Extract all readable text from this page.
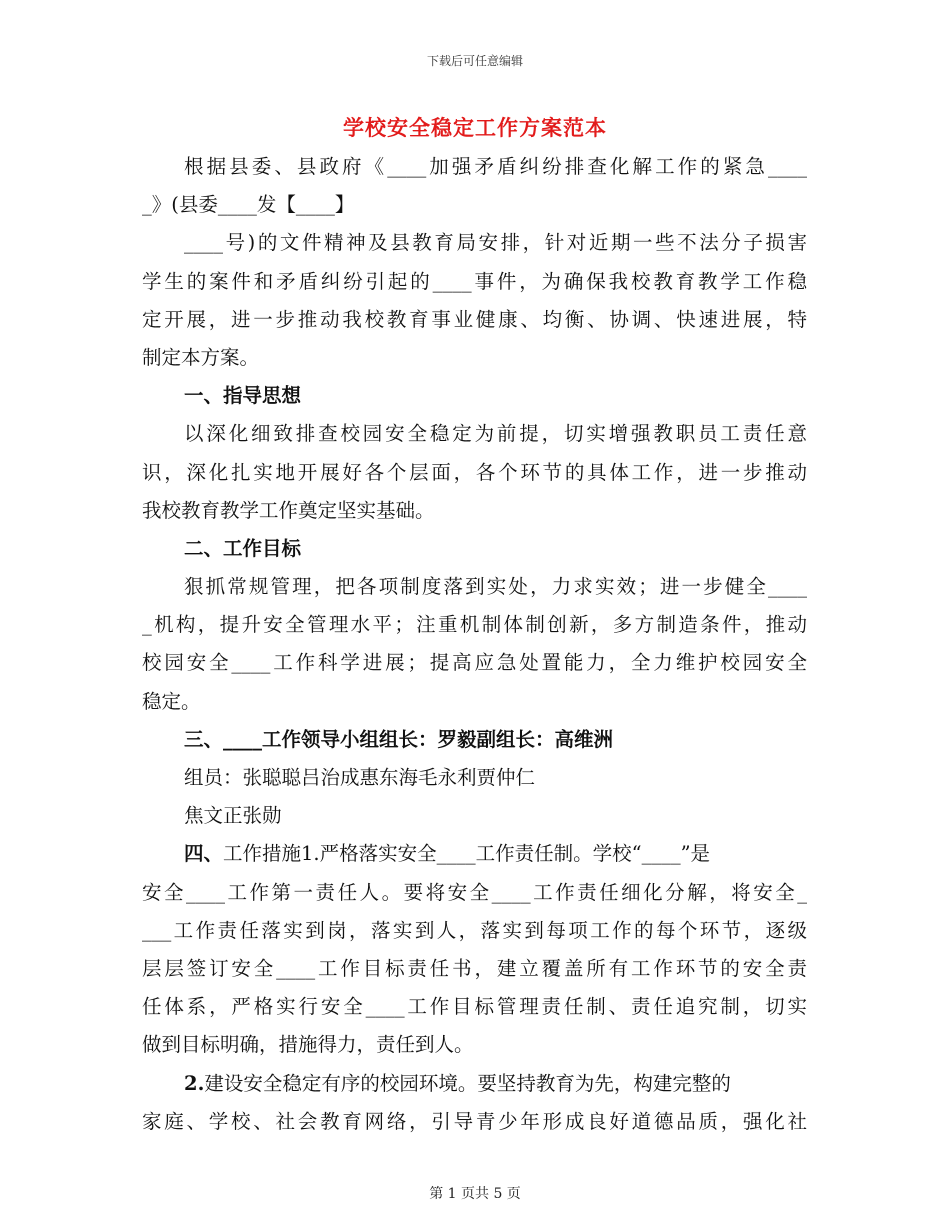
下载后可任意编辑
学校安全稳定工作方案范本
根据县委、县政府《____加强矛盾纠纷排查化解工作的紧急____
_》(县委____发【____】
____号)的文件精神及县教育局安排，针对近期一些不法分子损害
学生的案件和矛盾纠纷引起的____事件，为确保我校教育教学工作稳
定开展，进一步推动我校教育事业健康、均衡、协调、快速进展，特
制定本方案。
一、指导思想
以深化细致排查校园安全稳定为前提，切实增强教职员工责任意
识，深化扎实地开展好各个层面，各个环节的具体工作，进一步推动
我校教育教学工作奠定坚实基础。
二、工作目标
狠抓常规管理，把各项制度落到实处，力求实效；进一步健全____
_机构，提升安全管理水平；注重机制体制创新，多方制造条件，推动
校园安全____工作科学进展；提高应急处置能力，全力维护校园安全
稳定。
三、____工作领导小组组长：罗毅副组长：高维洲
组员：张聪聪吕治成惠东海毛永利贾仲仁
焦文正张勋
四、工作措施1.严格落实安全____工作责任制。学校“____”是
安全____工作第一责任人。要将安全____工作责任细化分解，将安全_
___工作责任落实到岗，落实到人，落实到每项工作的每个环节，逐级
层层签订安全____工作目标责任书，建立覆盖所有工作环节的安全责
任体系，严格实行安全____工作目标管理责任制、责任追究制，切实
做到目标明确，措施得力，责任到人。
2.建设安全稳定有序的校园环境。要坚持教育为先，构建完整的
家庭、学校、社会教育网络，引导青少年形成良好道德品质，强化社
第 1 页共 5 页
